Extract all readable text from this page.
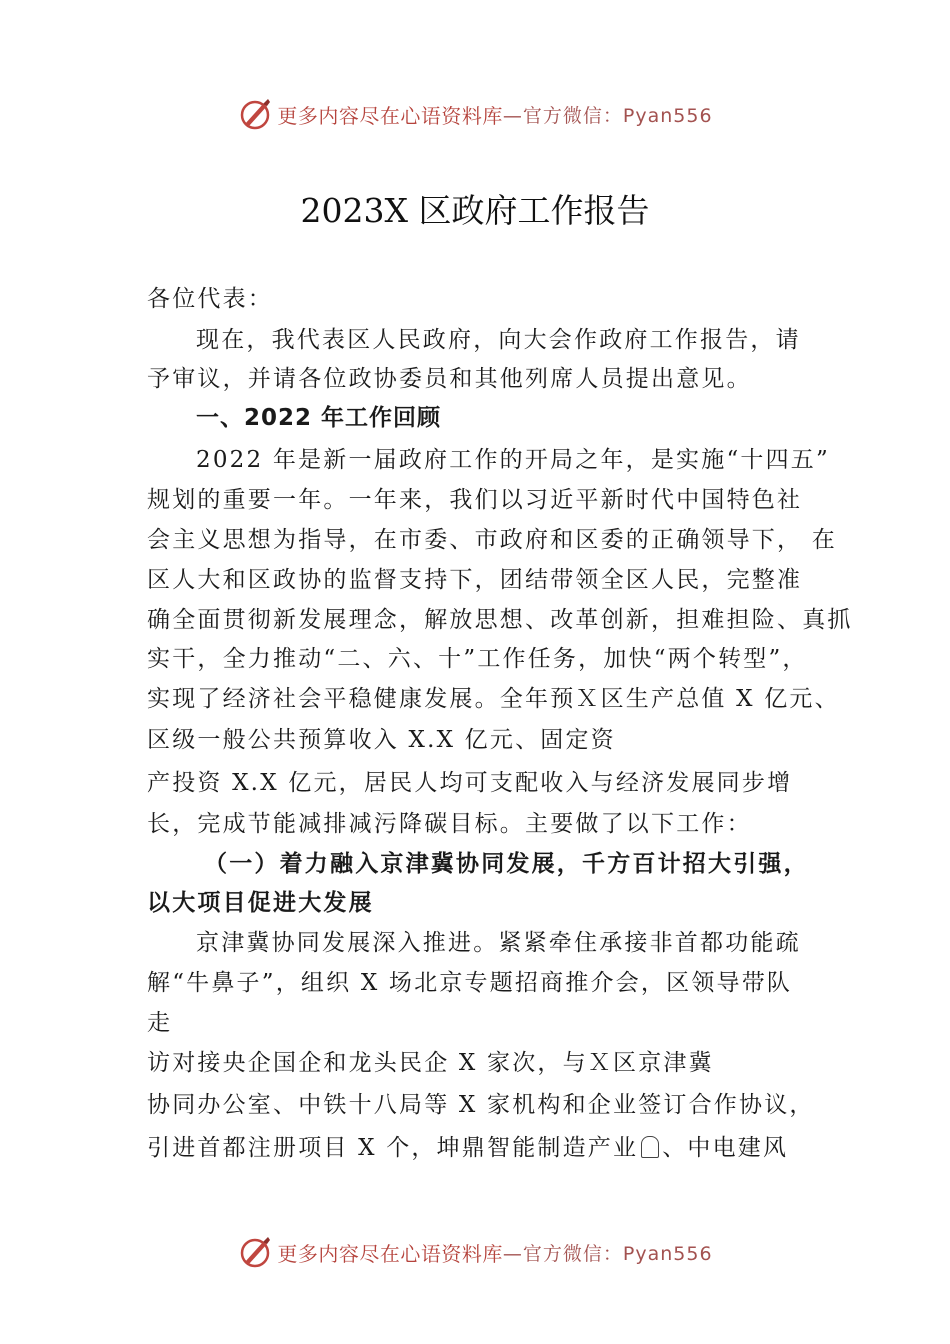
更多内容尽在心语资料库 —官方微信：Pyan556
2023X 区政府工作报告
各位代表：
现在，我代表区人民政府，向大会作政府工作报告，请
予审议，并请各位政协委员和其他列席人员提出意见。
一、2022 年工作回顾
2022 年是新一届政府工作的开局之年，是实施“十四五”
规划的重要一年。一年来，我们以习近平新时代中国特色社
会主义思想为指导，在市委、市政府和区委的正确领导下， 在
区人大和区政协的监督支持下，团结带领全区人民，完整准
确全面贯彻新发展理念，解放思想、改革创新，担难担险、真抓
实干，全力推动“二、六、十”工作任务，加快“两个转型”，
实现了经济社会平稳健康发展。全年预Ｘ区生产总值 X 亿元、
区级一般公共预算收入 X.X 亿元、固定资
产投资 X.X 亿元，居民人均可支配收入与经济发展同步增
长，完成节能减排减污降碳目标。主要做了以下工作：
（一）着力融入京津冀协同发展，千方百计招大引强，
以大项目促进大发展
京津冀协同发展深入推进。紧紧牵住承接非首都功能疏
解“牛鼻子”，组织 X 场北京专题招商推介会，区领导带队
走
访对接央企国企和龙头民企 X 家次，与Ｘ区京津冀
协同办公室、中铁十八局等 X 家机构和企业签订合作协议，
引进首都注册项目 X 个，坤鼎智能制造产业 、中电建风
更多内容尽在心语资料库 —官方微信：Pyan556
